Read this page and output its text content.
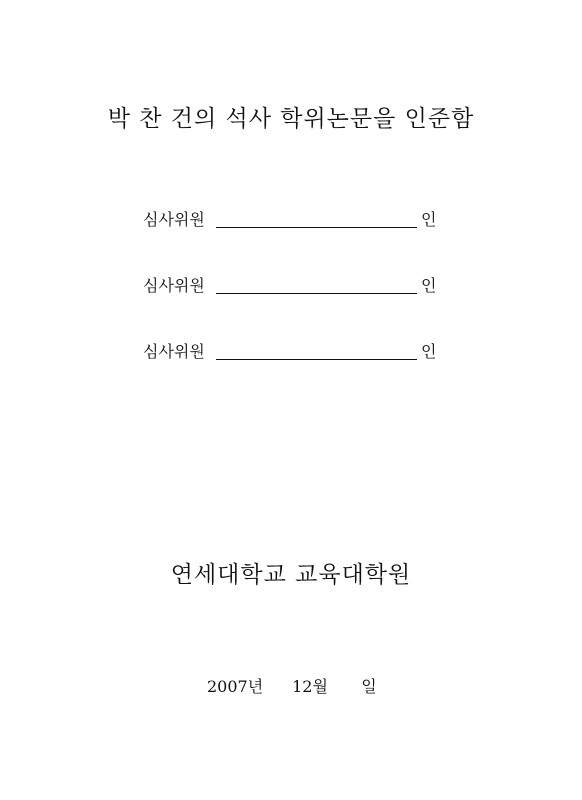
박 찬 건의 석사 학위논문을 인준함
심사위원	인
심사위원	인
심사위원	인
연세대학교 교육대학원
2007년 12월 일
